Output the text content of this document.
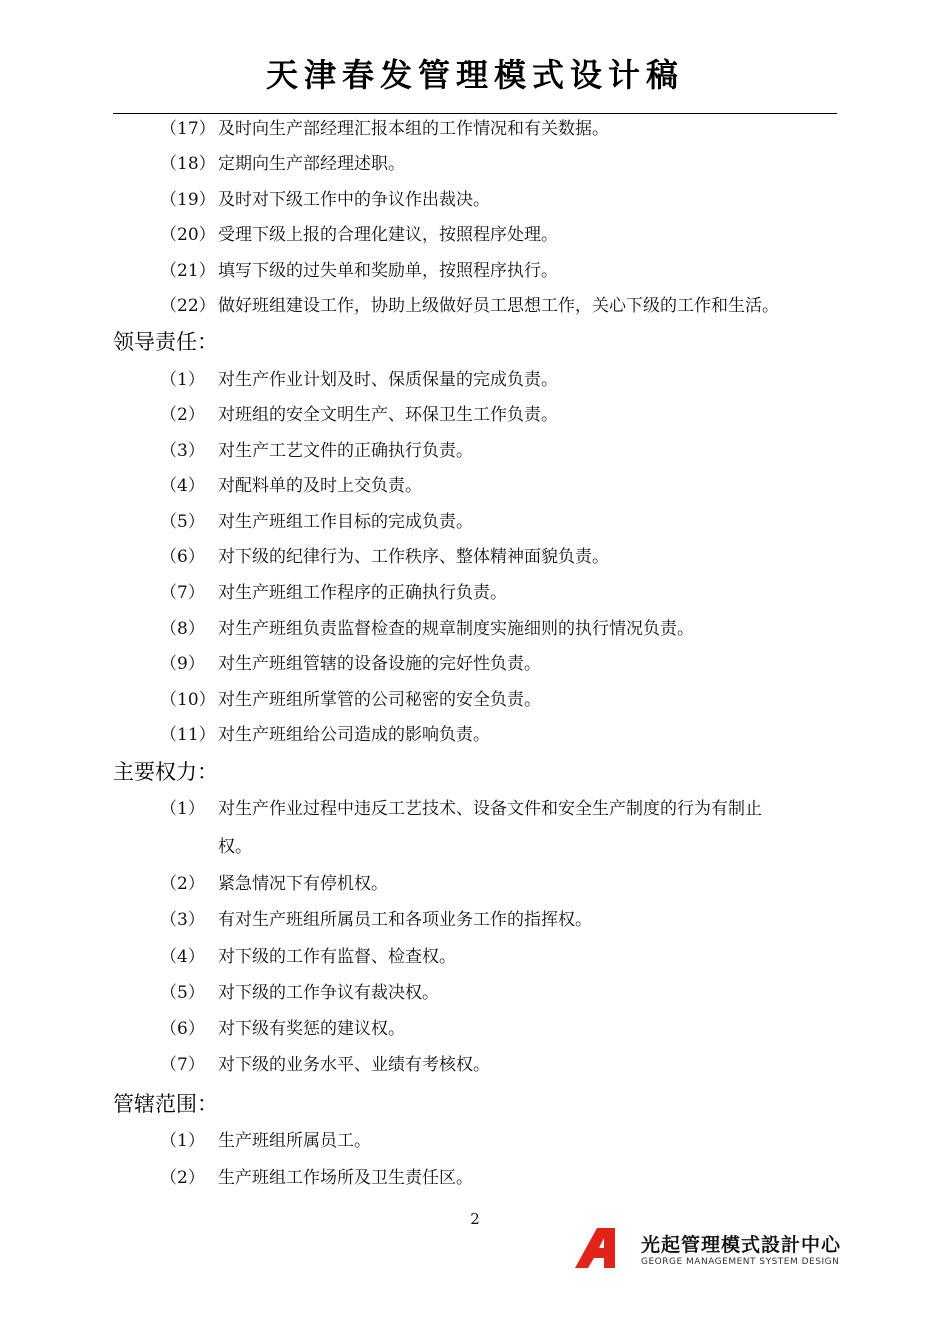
天津春发管理模式设计稿
（17） 及时向生产部经理汇报本组的工作情况和有关数据。
（18） 定期向生产部经理述职。
（19） 及时对下级工作中的争议作出裁决。
（20） 受理下级上报的合理化建议，按照程序处理。
（21） 填写下级的过失单和奖励单，按照程序执行。
（22） 做好班组建设工作，协助上级做好员工思想工作，关心下级的工作和生活。
领导责任：
（1） 对生产作业计划及时、保质保量的完成负责。
（2） 对班组的安全文明生产、环保卫生工作负责。
（3） 对生产工艺文件的正确执行负责。
（4） 对配料单的及时上交负责。
（5） 对生产班组工作目标的完成负责。
（6） 对下级的纪律行为、工作秩序、整体精神面貌负责。
（7） 对生产班组工作程序的正确执行负责。
（8） 对生产班组负责监督检查的规章制度实施细则的执行情况负责。
（9） 对生产班组管辖的设备设施的完好性负责。
（10） 对生产班组所掌管的公司秘密的安全负责。
（11） 对生产班组给公司造成的影响负责。
主要权力：
（1） 对生产作业过程中违反工艺技术、设备文件和安全生产制度的行为有制止
权。
（2） 紧急情况下有停机权。
（3） 有对生产班组所属员工和各项业务工作的指挥权。
（4） 对下级的工作有监督、检查权。
（5） 对下级的工作争议有裁决权。
（6） 对下级有奖惩的建议权。
（7） 对下级的业务水平、业绩有考核权。
管辖范围：
（1） 生产班组所属员工。
（2） 生产班组工作场所及卫生责任区。
2
光起管理模式設計中心
GEORGE MANAGEMENT SYSTEM DESIGN
